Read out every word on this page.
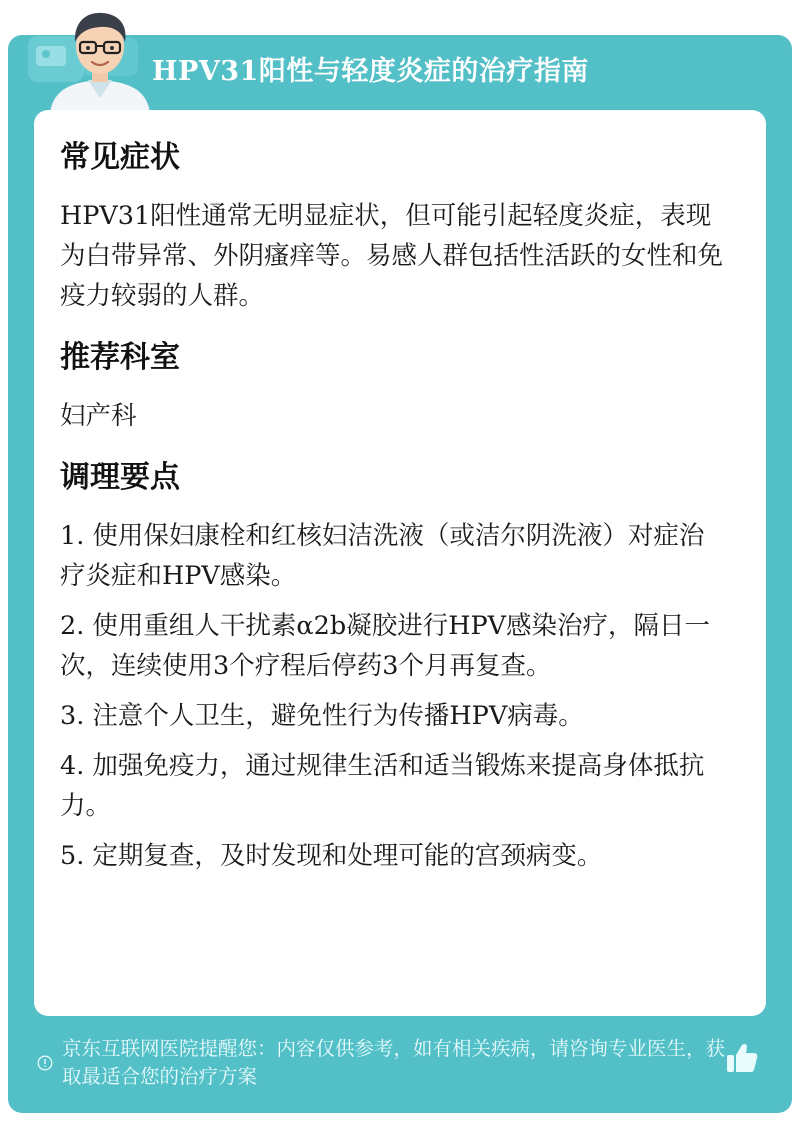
HPV31阳性与轻度炎症的治疗指南
常见症状

HPV31阳性通常无明显症状，但可能引起轻度炎症，表现为白带异常、外阴瘙痒等。易感人群包括性活跃的女性和免疫力较弱的人群。

推荐科室

妇产科

调理要点

1. 使用保妇康栓和红核妇洁洗液（或洁尔阴洗液）对症治疗炎症和HPV感染。

2. 使用重组人干扰素α2b凝胶进行HPV感染治疗，隔日一次，连续使用3个疗程后停药3个月再复查。

3. 注意个人卫生，避免性行为传播HPV病毒。

4. 加强免疫力，通过规律生活和适当锻炼来提高身体抵抗力。

5. 定期复查，及时发现和处理可能的宫颈病变。

京东互联网医院提醒您：内容仅供参考，如有相关疾病，请咨询专业医生，获取最适合您的治疗方案
